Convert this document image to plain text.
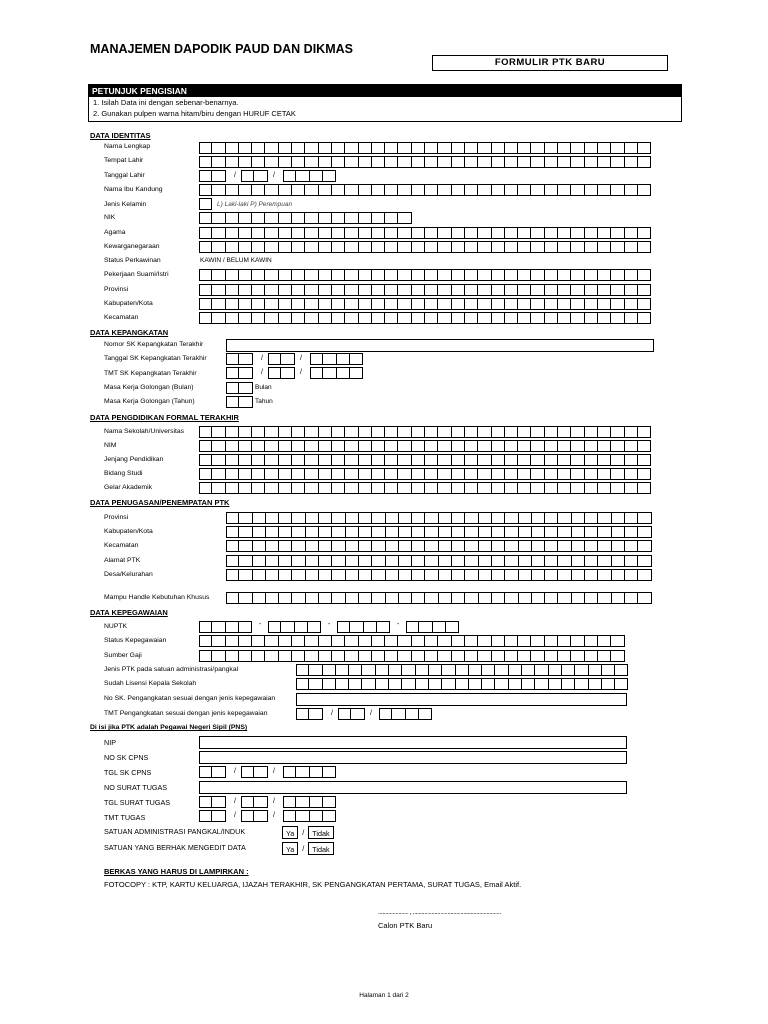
MANAJEMEN DAPODIK PAUD DAN DIKMAS
FORMULIR PTK BARU
PETUNJUK PENGISIAN
1. Isilah Data ini dengan sebenar-benarnya.
2. Gunakan pulpen warna hitam/biru dengan HURUF CETAK
DATA IDENTITAS
Nama Lengkap
Tempat Lahir
Tanggal Lahir	/	/
Nama Ibu Kandung
Jenis Kelamin	L) Laki-laki P) Perempuan
NIK
Agama
Kewarganegaraan
Status Perkawinan	KAWIN / BELUM KAWIN
Pekerjaan Suami/Istri
Provinsi
Kabupaten/Kota
Kecamatan
DATA KEPANGKATAN
Nomor SK Kepangkatan Terakhir
Tanggal SK Kepangkatan Terakhir	/	/
TMT SK Kepangkatan Terakhir	/	/
Masa Kerja Golongan (Bulan)	Bulan
Masa Kerja Golongan (Tahun)	Tahun
DATA PENGDIDIKAN FORMAL TERAKHIR
Nama Sekolah/Universitas
NIM
Jenjang Pendidikan
Bidang Studi
Gelar Akademik
DATA PENUGASAN/PENEMPATAN PTK
Provinsi
Kabupaten/Kota
Kecamatan
Alamat PTK
Desa/Kelurahan
Mampu Handle Kebutuhan Khusus
DATA KEPEGAWAIAN
NUPTK	-	-	-
Status Kepegawaian
Sumber Gaji
Jenis PTK pada satuan administrasi/pangkal
Sudah Lisensi Kepala Sekolah
No SK. Pengangkatan sesuai dengan jenis kepegawaian
TMT Pengangkatan sesuai dengan jenis kepegawaian	/	/
Di isi jika PTK adalah Pegawai Negeri Sipil (PNS)
NIP
NO SK CPNS
TGL SK CPNS	/	/
NO SURAT TUGAS
TGL SURAT TUGAS	/	/
TMT TUGAS	/	/
SATUAN ADMINISTRASI PANGKAL/INDUK	Ya	/	Tidak
SATUAN YANG BERHAK MENGEDIT DATA	Ya	/	Tidak
BERKAS YANG HARUS DI LAMPIRKAN :
FOTOCOPY : KTP, KARTU KELUARGA, IJAZAH TERAKHIR, SK PENGANGKATAN PERTAMA, SURAT TUGAS, Email Aktif.
..................... , .............................................................
Calon PTK Baru
Halaman 1 dari 2
